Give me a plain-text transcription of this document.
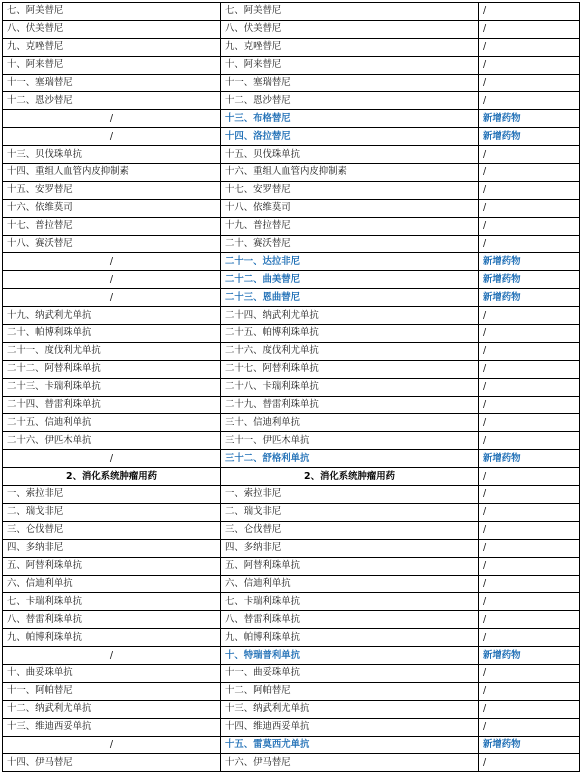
七、阿美替尼	七、阿美替尼	/
八、伏美替尼	八、伏美替尼	/
九、克唑替尼	九、克唑替尼	/
十、阿来替尼	十、阿来替尼	/
十一、塞瑞替尼	十一、塞瑞替尼	/
十二、恩沙替尼	十二、恩沙替尼	/
/	十三、布格替尼	新增药物
/	十四、洛拉替尼	新增药物
十三、贝伐珠单抗	十五、贝伐珠单抗	/
十四、重组人血管内皮抑制素	十六、重组人血管内皮抑制素	/
十五、安罗替尼	十七、安罗替尼	/
十六、依维莫司	十八、依维莫司	/
十七、普拉替尼	十九、普拉替尼	/
十八、赛沃替尼	二十、赛沃替尼	/
/	二十一、达拉非尼	新增药物
/	二十二、曲美替尼	新增药物
/	二十三、恩曲替尼	新增药物
十九、纳武利尤单抗	二十四、纳武利尤单抗	/
二十、帕博利珠单抗	二十五、帕博利珠单抗	/
二十一、度伐利尤单抗	二十六、度伐利尤单抗	/
二十二、阿替利珠单抗	二十七、阿替利珠单抗	/
二十三、卡瑞利珠单抗	二十八、卡瑞利珠单抗	/
二十四、替雷利珠单抗	二十九、替雷利珠单抗	/
二十五、信迪利单抗	三十、信迪利单抗	/
二十六、伊匹木单抗	三十一、伊匹木单抗	/
/	三十二、舒格利单抗	新增药物
2、消化系统肿瘤用药	2、消化系统肿瘤用药	/
一、索拉非尼	一、索拉非尼	/
二、瑞戈非尼	二、瑞戈非尼	/
三、仑伐替尼	三、仑伐替尼	/
四、多纳非尼	四、多纳非尼	/
五、阿替利珠单抗	五、阿替利珠单抗	/
六、信迪利单抗	六、信迪利单抗	/
七、卡瑞利珠单抗	七、卡瑞利珠单抗	/
八、替雷利珠单抗	八、替雷利珠单抗	/
九、帕博利珠单抗	九、帕博利珠单抗	/
/	十、特瑞普利单抗	新增药物
十、曲妥珠单抗	十一、曲妥珠单抗	/
十一、阿帕替尼	十二、阿帕替尼	/
十二、纳武利尤单抗	十三、纳武利尤单抗	/
十三、维迪西妥单抗	十四、维迪西妥单抗	/
/	十五、雷莫西尤单抗	新增药物
十四、伊马替尼	十六、伊马替尼	/
